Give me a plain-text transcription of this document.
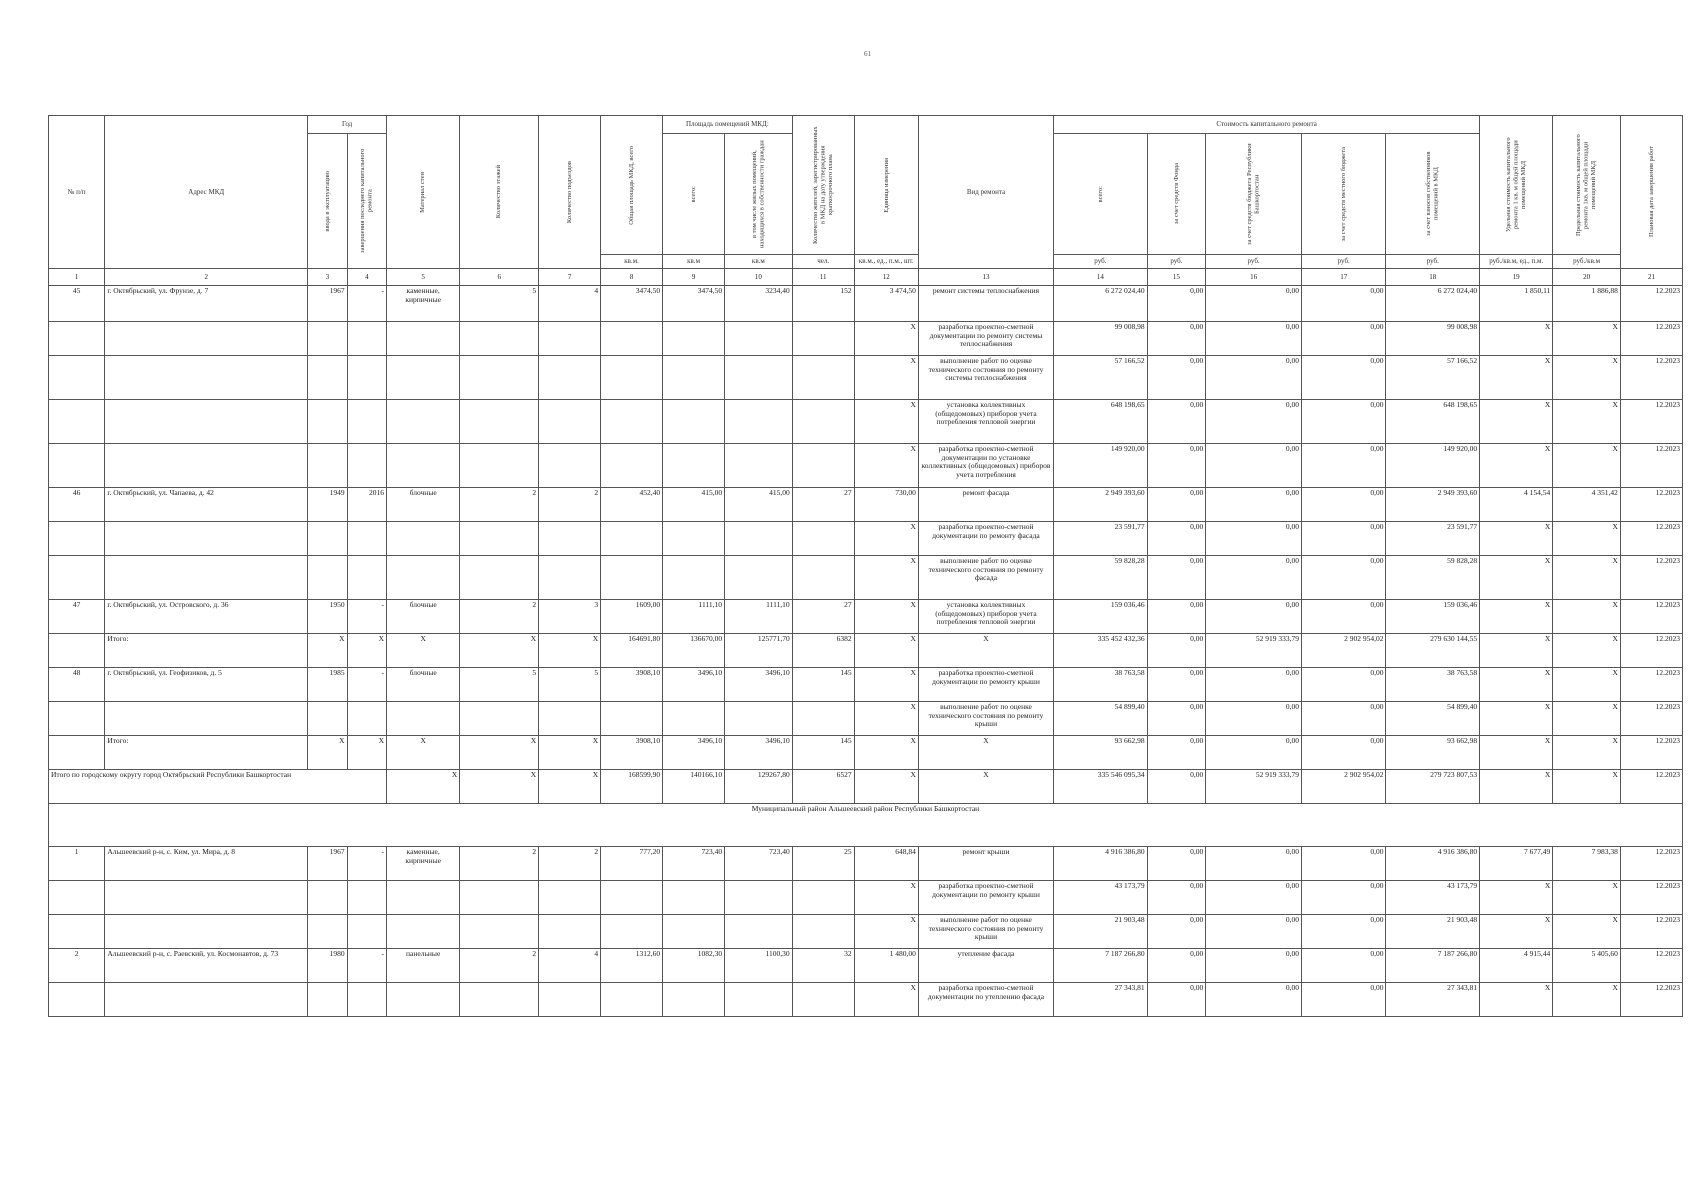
61
№ п/п	Адрес МКД	Год		Материал стен	Количество этажей	Количество подъездов	Общая площадь МКД, всего	Площадь помещений МКД:		Количество жителей, зарегистрированных в МКД на дату утверждения краткосрочного плана	Единица измерения	Вид ремонта	Стоимость капитального ремонта					Удельная стоимость капитального ремонта 1 кв. м общей площади помещений МКД	Предельная стоимость капитального ремонта 1кв. м общей площади помещений МКД	Плановая дата завершения работ

		ввода в эксплуатацию	завершения последнего капитального ремонта					всего:	в том числе жилых помещений, находящихся в собственности граждан				всего:	за счет средств Фонда	за счет средств бюджета Республики Башкортостан	за счет средств местного бюджета	за счет взносов собственников помещений в МКД			

							кв.м.	кв.м	кв.м	чел.	кв.м., ед., п.м., шт.		руб.	руб.	руб.	руб.	руб.	руб./кв.м, ед., п.м.	руб./кв.м	
1	2	3	4	5	6	7	8	9	10	11	12	13	14	15	16	17	18	19	20	21
45	г. Октябрьский, ул. Фрунзе, д. 7	1967	-	каменные, кирпичные	5	4	3474,50	3474,50	3234,40	152	3 474,50	ремонт системы теплоснабжения	6 272 024,40	0,00	0,00	0,00	6 272 024,40	1 850,11	1 886,88	12.2023
											X	разработка проектно-сметной документации по ремонту системы теплоснабжения	99 008,98	0,00	0,00	0,00	99 008,98	X	X	12.2023
											X	выполнение работ по оценке технического состояния по ремонту системы теплоснабжения	57 166,52	0,00	0,00	0,00	57 166,52	X	X	12.2023
											X	установка коллективных (общедомовых) приборов учета потребления тепловой энергии	648 198,65	0,00	0,00	0,00	648 198,65	X	X	12.2023
											X	разработка проектно-сметной документации по установке коллективных (общедомовых) приборов учета потребления	149 920,00	0,00	0,00	0,00	149 920,00	X	X	12.2023
46	г. Октябрьский, ул. Чапаева, д. 42	1949	2016	блочные	2	2	452,40	415,00	415,00	27	730,00	ремонт фасада	2 949 393,60	0,00	0,00	0,00	2 949 393,60	4 154,54	4 351,42	12.2023
											X	разработка проектно-сметной документации по ремонту фасада	23 591,77	0,00	0,00	0,00	23 591,77	X	X	12.2023
											X	выполнение работ по оценке технического состояния по ремонту фасада	59 828,28	0,00	0,00	0,00	59 828,28	X	X	12.2023
47	г. Октябрьский, ул. Островского, д. 36	1950	-	блочные	2	3	1609,00	1111,10	1111,10	27	X	установка коллективных (общедомовых) приборов учета потребления тепловой энергии	159 036,46	0,00	0,00	0,00	159 036,46	X	X	12.2023
	Итого:	X	X	X	X	X	164691,80	136670,00	125771,70	6382	X	X	335 452 432,36	0,00	52 919 333,79	2 902 954,02	279 630 144,55	X	X	12.2023
48	г. Октябрьский, ул. Геофизиков, д. 5	1985	-	блочные	5	5	3908,10	3496,10	3496,10	145	X	разработка проектно-сметной документации по ремонту крыши	38 763,58	0,00	0,00	0,00	38 763,58	X	X	12.2023
											X	выполнение работ по оценке технического состояния по ремонту крыши	54 899,40	0,00	0,00	0,00	54 899,40	X	X	12.2023
	Итого:	X	X	X	X	X	3908,10	3496,10	3496,10	145	X	X	93 662,98	0,00	0,00	0,00	93 662,98	X	X	12.2023
Итого по городскому округу город Октябрьский Республики Башкортостан				X	X	X	168599,90	140166,10	129267,80	6527	X	X	335 546 095,34	0,00	52 919 333,79	2 902 954,02	279 723 807,53	X	X	12.2023
Муниципальный район Альшеевский район Республики Башкортостан																				
1	Альшеевский р-н, с. Ким, ул. Мира, д. 8	1967	-	каменные, кирпичные	2	2	777,20	723,40	723,40	25	648,84	ремонт крыши	4 916 386,80	0,00	0,00	0,00	4 916 386,80	7 677,49	7 983,38	12.2023
											X	разработка проектно-сметной документации по ремонту крыши	43 173,79	0,00	0,00	0,00	43 173,79	X	X	12.2023
											X	выполнение работ по оценке технического состояния по ремонту крыши	21 903,48	0,00	0,00	0,00	21 903,48	X	X	12.2023
2	Альшеевский р-н, с. Раевский, ул. Космонавтов, д. 73	1980	-	панельные	2	4	1312,60	1082,30	1100,30	32	1 480,00	утепление фасада	7 187 266,80	0,00	0,00	0,00	7 187 266,80	4 915,44	5 405,60	12.2023
											X	разработка проектно-сметной документации по утеплению фасада	27 343,81	0,00	0,00	0,00	27 343,81	X	X	12.2023
